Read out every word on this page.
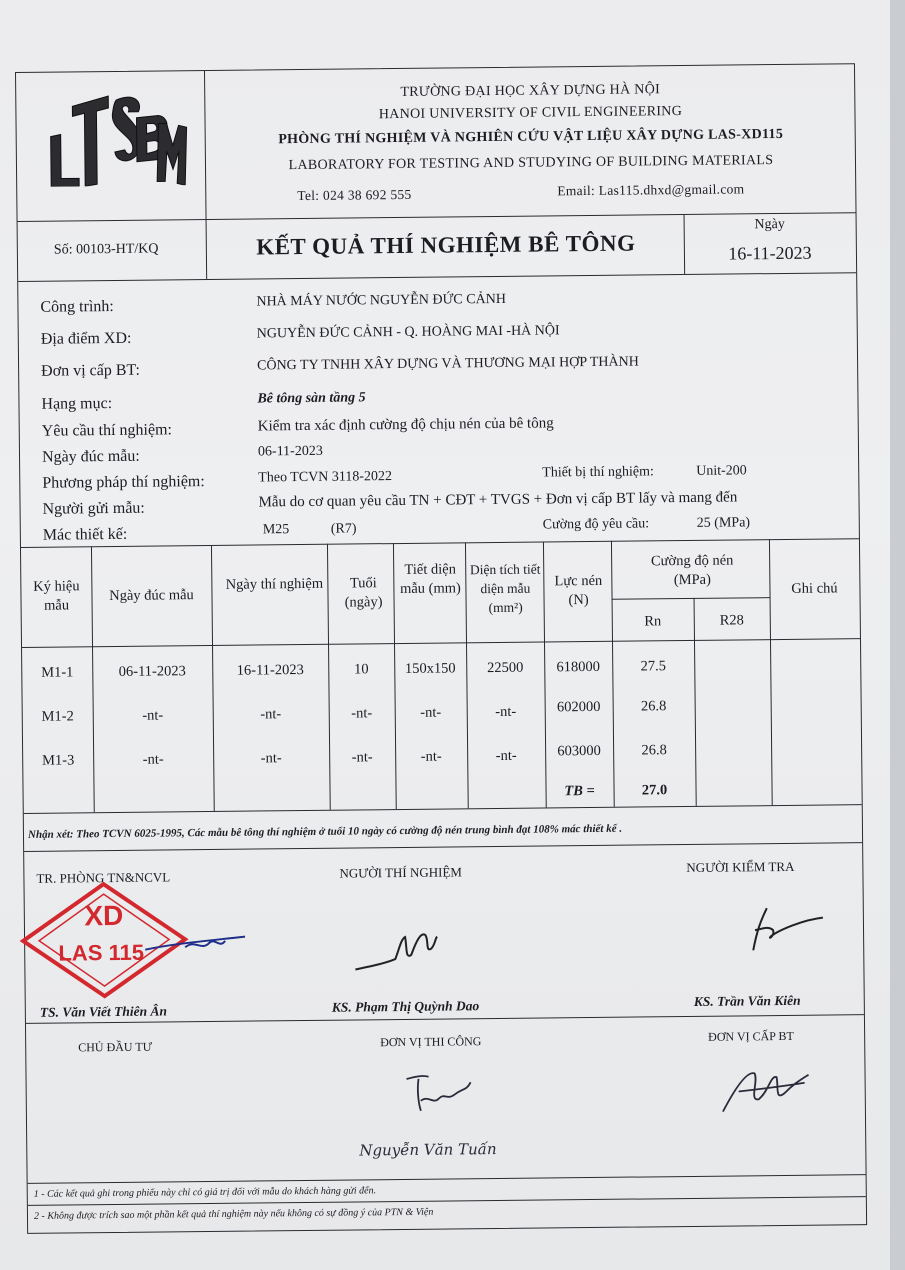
TRƯỜNG ĐẠI HỌC XÂY DỰNG HÀ NỘI
HANOI UNIVERSITY OF CIVIL ENGINEERING
PHÒNG THÍ NGHIỆM VÀ NGHIÊN CỨU VẬT LIỆU XÂY DỰNG LAS-XD115
LABORATORY FOR TESTING AND STUDYING OF BUILDING MATERIALS
Tel: 024 38 692 555	Email: Las115.dhxd@gmail.com
Số: 00103-HT/KQ	KẾT QUẢ THÍ NGHIỆM BÊ TÔNG
Ngày
16-11-2023
Công trình:	NHÀ MÁY NƯỚC NGUYỄN ĐỨC CẢNH
Địa điểm XD:	NGUYỄN ĐỨC CẢNH - Q. HOÀNG MAI -HÀ NỘI
Đơn vị cấp BT:	CÔNG TY TNHH XÂY DỰNG VÀ THƯƠNG MẠI HỢP THÀNH
Hạng mục:	Bê tông sàn tầng 5
Yêu cầu thí nghiệm:	Kiểm tra xác định cường độ chịu nén của bê tông
Ngày đúc mẫu:	06-11-2023
Phương pháp thí nghiệm:	Theo TCVN 3118-2022	Thiết bị thí nghiệm:	Unit-200
Người gửi mẫu:	Mẫu do cơ quan yêu cầu TN + CĐT + TVGS + Đơn vị cấp BT lấy và mang đến
Mác thiết kế:	M25	(R7)	Cường độ yêu cầu:	25 (MPa)
Ký hiệu mẫu
Ngày đúc mẫu
Ngày thí nghiệm	Tuổi (ngày)
Tiết diện mẫu (mm)
Diện tích tiết diện mẫu (mm²)
Lực nén (N)
Cường độ nén (MPa)
Rn	R28
Ghi chú
M1-1	06-11-2023	16-11-2023	10	150x150	22500	618000	27.5
M1-2	-nt-	-nt-	-nt-	-nt-	-nt-	602000	26.8
M1-3	-nt-	-nt-	-nt-	-nt-	-nt-	603000	26.8
TB =	27.0
Nhận xét: Theo TCVN 6025-1995, Các mẫu bê tông thí nghiệm ở tuổi 10 ngày có cường độ nén trung bình đạt 108% mác thiết kế .
TR. PHÒNG TN&NCVL	NGƯỜI THÍ NGHIỆM	NGƯỜI KIỂM TRA
XD
LAS 115
TS. Văn Viết Thiên Ân	KS. Phạm Thị Quỳnh Dao	KS. Trần Văn Kiên
CHỦ ĐẦU TƯ	ĐƠN VỊ THI CÔNG	ĐƠN VỊ CẤP BT
Nguyễn Văn Tuấn
1 - Các kết quả ghi trong phiếu này chỉ có giá trị đối với mẫu do khách hàng gửi đến.
2 - Không được trích sao một phần kết quả thí nghiệm này nếu không có sự đồng ý của PTN & Viện
